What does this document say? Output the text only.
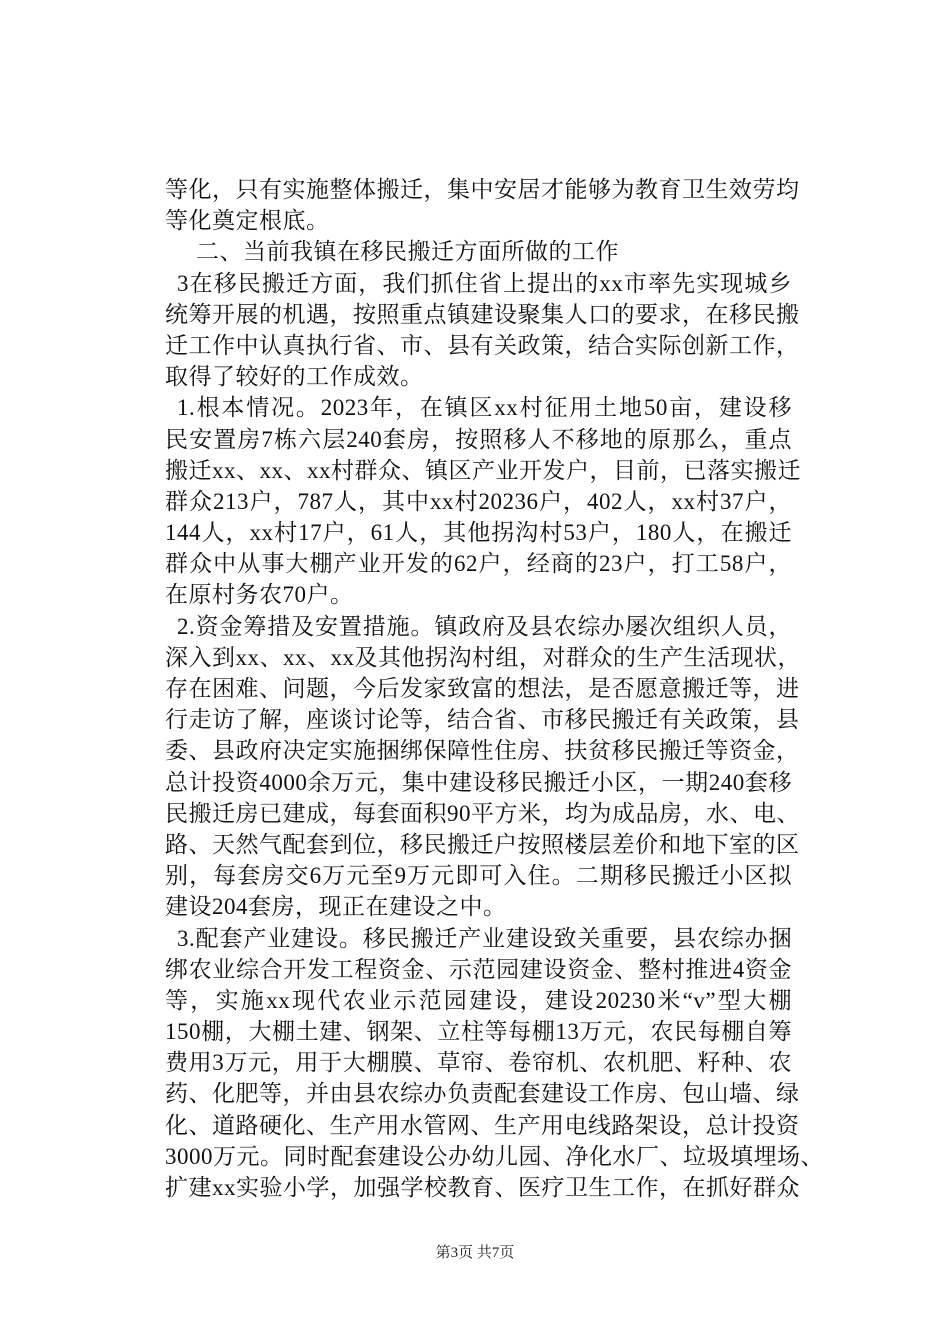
等化，只有实施整体搬迁，集中安居才能够为教育卫生效劳均
等化奠定根底。
二、当前我镇在移民搬迁方面所做的工作
3在移民搬迁方面，我们抓住省上提出的xx市率先实现城乡
统筹开展的机遇，按照重点镇建设聚集人口的要求，在移民搬
迁工作中认真执行省、市、县有关政策，结合实际创新工作，
取得了较好的工作成效。
1.根本情况。2023年，在镇区xx村征用土地50亩，建设移
民安置房7栋六层240套房，按照移人不移地的原那么，重点
搬迁xx、xx、xx村群众、镇区产业开发户，目前，已落实搬迁
群众213户，787人，其中xx村20236户，402人，xx村37户，
144人，xx村17户，61人，其他拐沟村53户，180人，在搬迁
群众中从事大棚产业开发的62户，经商的23户，打工58户，
在原村务农70户。
2.资金筹措及安置措施。镇政府及县农综办屡次组织人员，
深入到xx、xx、xx及其他拐沟村组，对群众的生产生活现状，
存在困难、问题，今后发家致富的想法，是否愿意搬迁等，进
行走访了解，座谈讨论等，结合省、市移民搬迁有关政策，县
委、县政府决定实施捆绑保障性住房、扶贫移民搬迁等资金，
总计投资4000余万元，集中建设移民搬迁小区，一期240套移
民搬迁房已建成，每套面积90平方米，均为成品房，水、电、
路、天然气配套到位，移民搬迁户按照楼层差价和地下室的区
别，每套房交6万元至9万元即可入住。二期移民搬迁小区拟
建设204套房，现正在建设之中。
3.配套产业建设。移民搬迁产业建设致关重要，县农综办捆
绑农业综合开发工程资金、示范园建设资金、整村推进4资金
等，实施xx现代农业示范园建设，建设20230米“v”型大棚
150棚，大棚土建、钢架、立柱等每棚13万元，农民每棚自筹
费用3万元，用于大棚膜、草帘、卷帘机、农机肥、籽种、农
药、化肥等，并由县农综办负责配套建设工作房、包山墙、绿
化、道路硬化、生产用水管网、生产用电线路架设，总计投资
3000万元。同时配套建设公办幼儿园、净化水厂、垃圾填埋场、
扩建xx实验小学，加强学校教育、医疗卫生工作，在抓好群众
第3页 共7页
